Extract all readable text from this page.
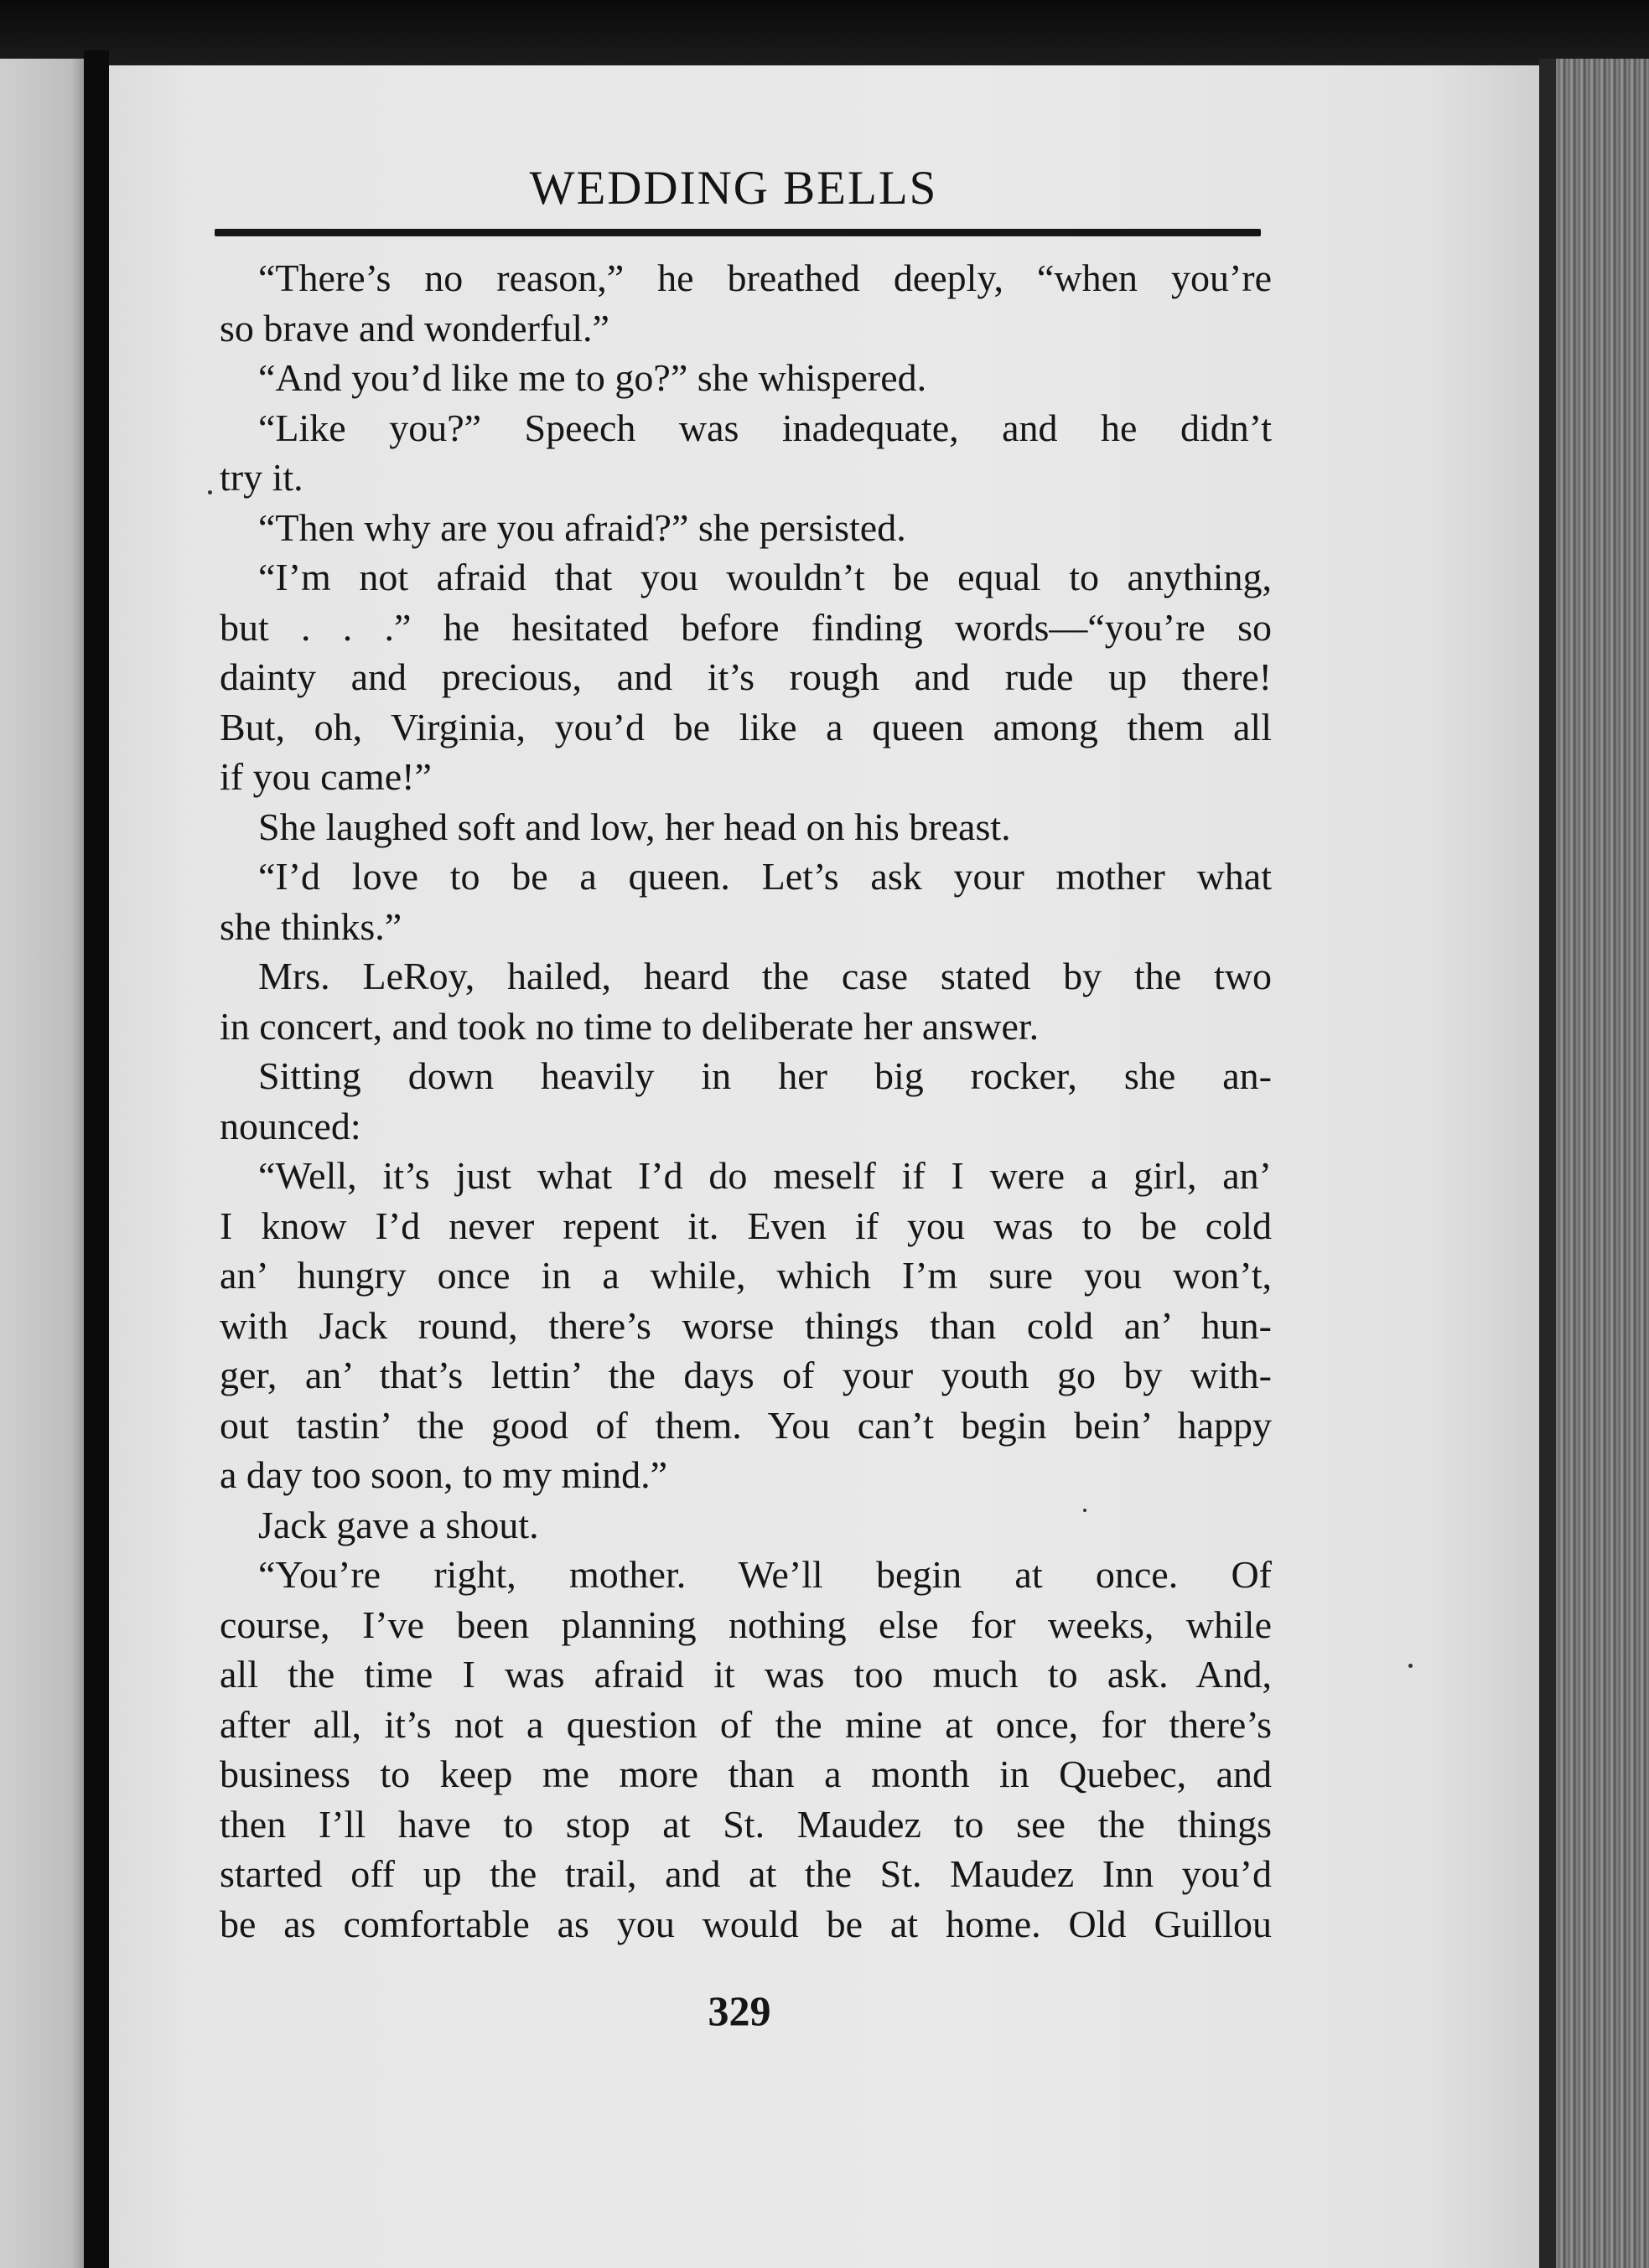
WEDDING BELLS
“There’s no reason,” he breathed deeply, “when you’re
so brave and wonderful.”
“And you’d like me to go?” she whispered.
“Like you?” Speech was inadequate, and he didn’t
try it.
“Then why are you afraid?” she persisted.
“I’m not afraid that you wouldn’t be equal to anything,
but . . .” he hesitated before finding words—“you’re so
dainty and precious, and it’s rough and rude up there!
But, oh, Virginia, you’d be like a queen among them all
if you came!”
She laughed soft and low, her head on his breast.
“I’d love to be a queen. Let’s ask your mother what
she thinks.”
Mrs. LeRoy, hailed, heard the case stated by the two
in concert, and took no time to deliberate her answer.
Sitting down heavily in her big rocker, she an-
nounced:
“Well, it’s just what I’d do meself if I were a girl, an’
I know I’d never repent it. Even if you was to be cold
an’ hungry once in a while, which I’m sure you won’t,
with Jack round, there’s worse things than cold an’ hun-
ger, an’ that’s lettin’ the days of your youth go by with-
out tastin’ the good of them. You can’t begin bein’ happy
a day too soon, to my mind.”
Jack gave a shout.
“You’re right, mother. We’ll begin at once. Of
course, I’ve been planning nothing else for weeks, while
all the time I was afraid it was too much to ask. And,
after all, it’s not a question of the mine at once, for there’s
business to keep me more than a month in Quebec, and
then I’ll have to stop at St. Maudez to see the things
started off up the trail, and at the St. Maudez Inn you’d
be as comfortable as you would be at home. Old Guillou
329
